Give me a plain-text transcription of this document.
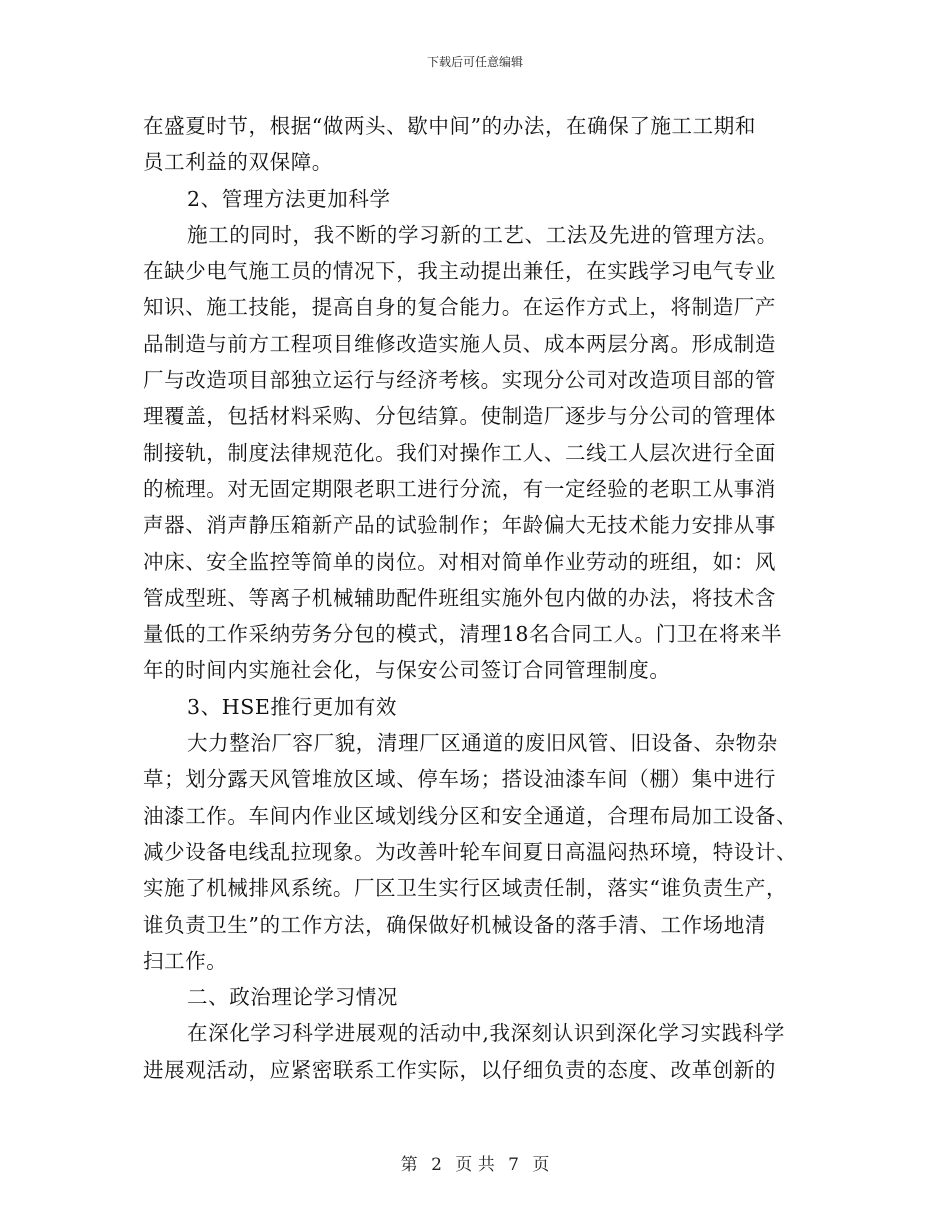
下载后可任意编辑
在盛夏时节，根据“做两头、歇中间”的办法，在确保了施工工期和
员工利益的双保障。
2、管理方法更加科学
施工的同时，我不断的学习新的工艺、工法及先进的管理方法。
在缺少电气施工员的情况下，我主动提出兼任，在实践学习电气专业
知识、施工技能，提高自身的复合能力。在运作方式上，将制造厂产
品制造与前方工程项目维修改造实施人员、成本两层分离。形成制造
厂与改造项目部独立运行与经济考核。实现分公司对改造项目部的管
理覆盖，包括材料采购、分包结算。使制造厂逐步与分公司的管理体
制接轨，制度法律规范化。我们对操作工人、二线工人层次进行全面
的梳理。对无固定期限老职工进行分流，有一定经验的老职工从事消
声器、消声静压箱新产品的试验制作；年龄偏大无技术能力安排从事
冲床、安全监控等简单的岗位。对相对简单作业劳动的班组，如：风
管成型班、等离子机械辅助配件班组实施外包内做的办法，将技术含
量低的工作采纳劳务分包的模式，清理18名合同工人。门卫在将来半
年的时间内实施社会化，与保安公司签订合同管理制度。
3、HSE推行更加有效
大力整治厂容厂貌，清理厂区通道的废旧风管、旧设备、杂物杂
草；划分露天风管堆放区域、停车场；搭设油漆车间（棚）集中进行
油漆工作。车间内作业区域划线分区和安全通道，合理布局加工设备、
减少设备电线乱拉现象。为改善叶轮车间夏日高温闷热环境，特设计、
实施了机械排风系统。厂区卫生实行区域责任制，落实“谁负责生产，
谁负责卫生”的工作方法，确保做好机械设备的落手清、工作场地清
扫工作。
二、政治理论学习情况
在深化学习科学进展观的活动中,我深刻认识到深化学习实践科学
进展观活动，应紧密联系工作实际，以仔细负责的态度、改革创新的
第 2 页 共 7 页
